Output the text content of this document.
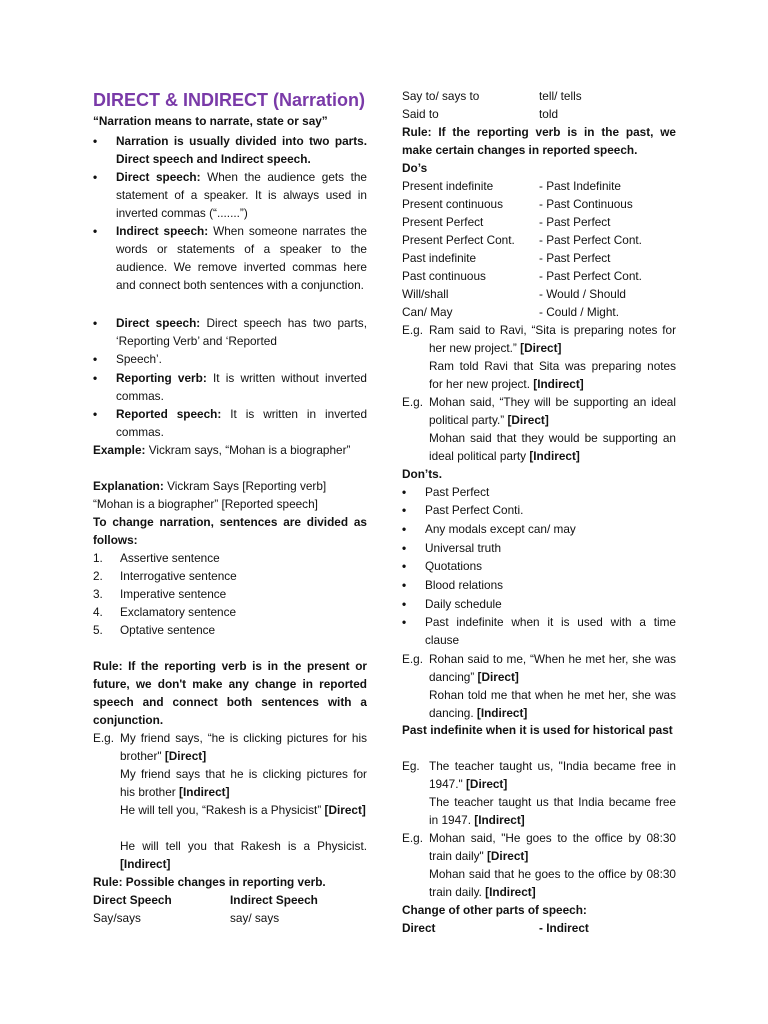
DIRECT & INDIRECT (Narration)

“Narration means to narrate, state or say”

• Narration is usually divided into two parts. Direct speech and Indirect speech.

• Direct speech: When the audience gets the statement of a speaker. It is always used in inverted commas (“.......”)

• Indirect speech: When someone narrates the words or statements of a speaker to the audience. We remove inverted commas here and connect both sentences with a conjunction.

• Direct speech: Direct speech has two parts, ‘Reporting Verb’ and ‘Reported

• Speech’.

• Reporting verb: It is written without inverted commas.

• Reported speech: It is written in inverted commas.

Example: Vickram says, “Mohan is a biographer”

Explanation: Vickram Says [Reporting verb]

“Mohan is a biographer” [Reported speech]

To change narration, sentences are divided as follows:

1. Assertive sentence

2. Interrogative sentence

3. Imperative sentence

4. Exclamatory sentence

5. Optative sentence

Rule: If the reporting verb is in the present or future, we don't make any change in reported speech and connect both sentences with a conjunction.

E.g. My friend says, “he is clicking pictures for his brother" [Direct]

My friend says that he is clicking pictures for his brother [Indirect]

He will tell you, “Rakesh is a Physicist” [Direct]

He will tell you that Rakesh is a Physicist. [Indirect]

Rule: Possible changes in reporting verb.

Direct Speech	Indirect Speech
Say/says	say/ says
Say to/ says to	tell/ tells
Said to	told

Rule: If the reporting verb is in the past, we make certain changes in reported speech.

Do’s

Present indefinite	- Past Indefinite
Present continuous	- Past Continuous
Present Perfect	- Past Perfect
Present Perfect Cont. - Past Perfect Cont.
Past indefinite	- Past Perfect
Past continuous	- Past Perfect Cont.
Will/shall	- Would / Should
Can/ May	- Could / Might.
E.g. Ram said to Ravi, “Sita is preparing notes for her new project.” [Direct]

Ram told Ravi that Sita was preparing notes for her new project. [Indirect]

E.g. Mohan said, “They will be supporting an ideal political party.” [Direct]

Mohan said that they would be supporting an ideal political party [Indirect]

Don’ts.

• Past Perfect

• Past Perfect Conti.

• Any modals except can/ may

• Universal truth

• Quotations

• Blood relations

• Daily schedule

• Past indefinite when it is used with a time clause

E.g. Rohan said to me, “When he met her, she was dancing” [Direct]

Rohan told me that when he met her, she was dancing. [Indirect]

Past indefinite when it is used for historical past

Eg. The teacher taught us, "India became free in 1947." [Direct]

The teacher taught us that India became free in 1947. [Indirect]

E.g. Mohan said, "He goes to the office by 08:30 train daily" [Direct]

Mohan said that he goes to the office by 08:30 train daily. [Indirect]

Change of other parts of speech:

Direct	- Indirect
